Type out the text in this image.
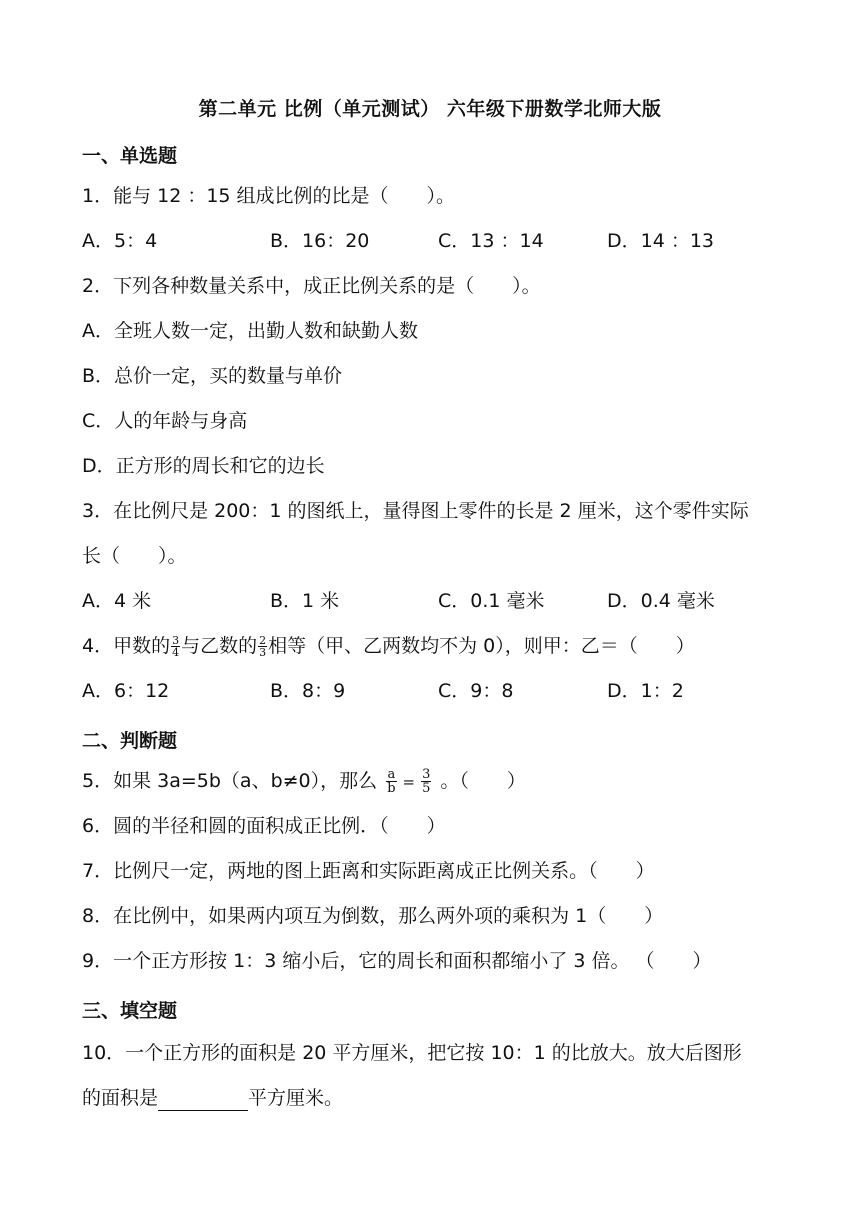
第二单元 比例（单元测试） 六年级下册数学北师大版
一、单选题
1．能与 12 ：15 组成比例的比是（　　）。
A．5：4	B．16：20	C．13 ：14	D．14 ：13
2．下列各种数量关系中，成正比例关系的是（　　）。
A．全班人数一定，出勤人数和缺勤人数
B．总价一定，买的数量与单价
C．人的年龄与身高
D．正方形的周长和它的边长
3．在比例尺是 200：1 的图纸上，量得图上零件的长是 2 厘米，这个零件实际
长（　　）。
A．4 米	B．1 米	C．0.1 毫米	D．0.4 毫米
4．甲数的 $\frac{3}{4}$ 与乙数的 $\frac{2}{3}$ 相等（甲、乙两数均不为 0），则甲：乙＝（　　）
A．6：12	B．8：9	C．9：8	D．1：2
二、判断题
5．如果 3a=5b（a、b≠0），那么 $\frac{a}{b} = \frac{3}{5}$ 。（　　）
6．圆的半径和圆的面积成正比例．（　　）
7．比例尺一定，两地的图上距离和实际距离成正比例关系。（　　）
8．在比例中，如果两内项互为倒数，那么两外项的乘积为 1（　　）
9．一个正方形按 1：3 缩小后，它的周长和面积都缩小了 3 倍。 （　　）
三、填空题
10．一个正方形的面积是 20 平方厘米，把它按 10：1 的比放大。放大后图形
的面积是	平方厘米。
